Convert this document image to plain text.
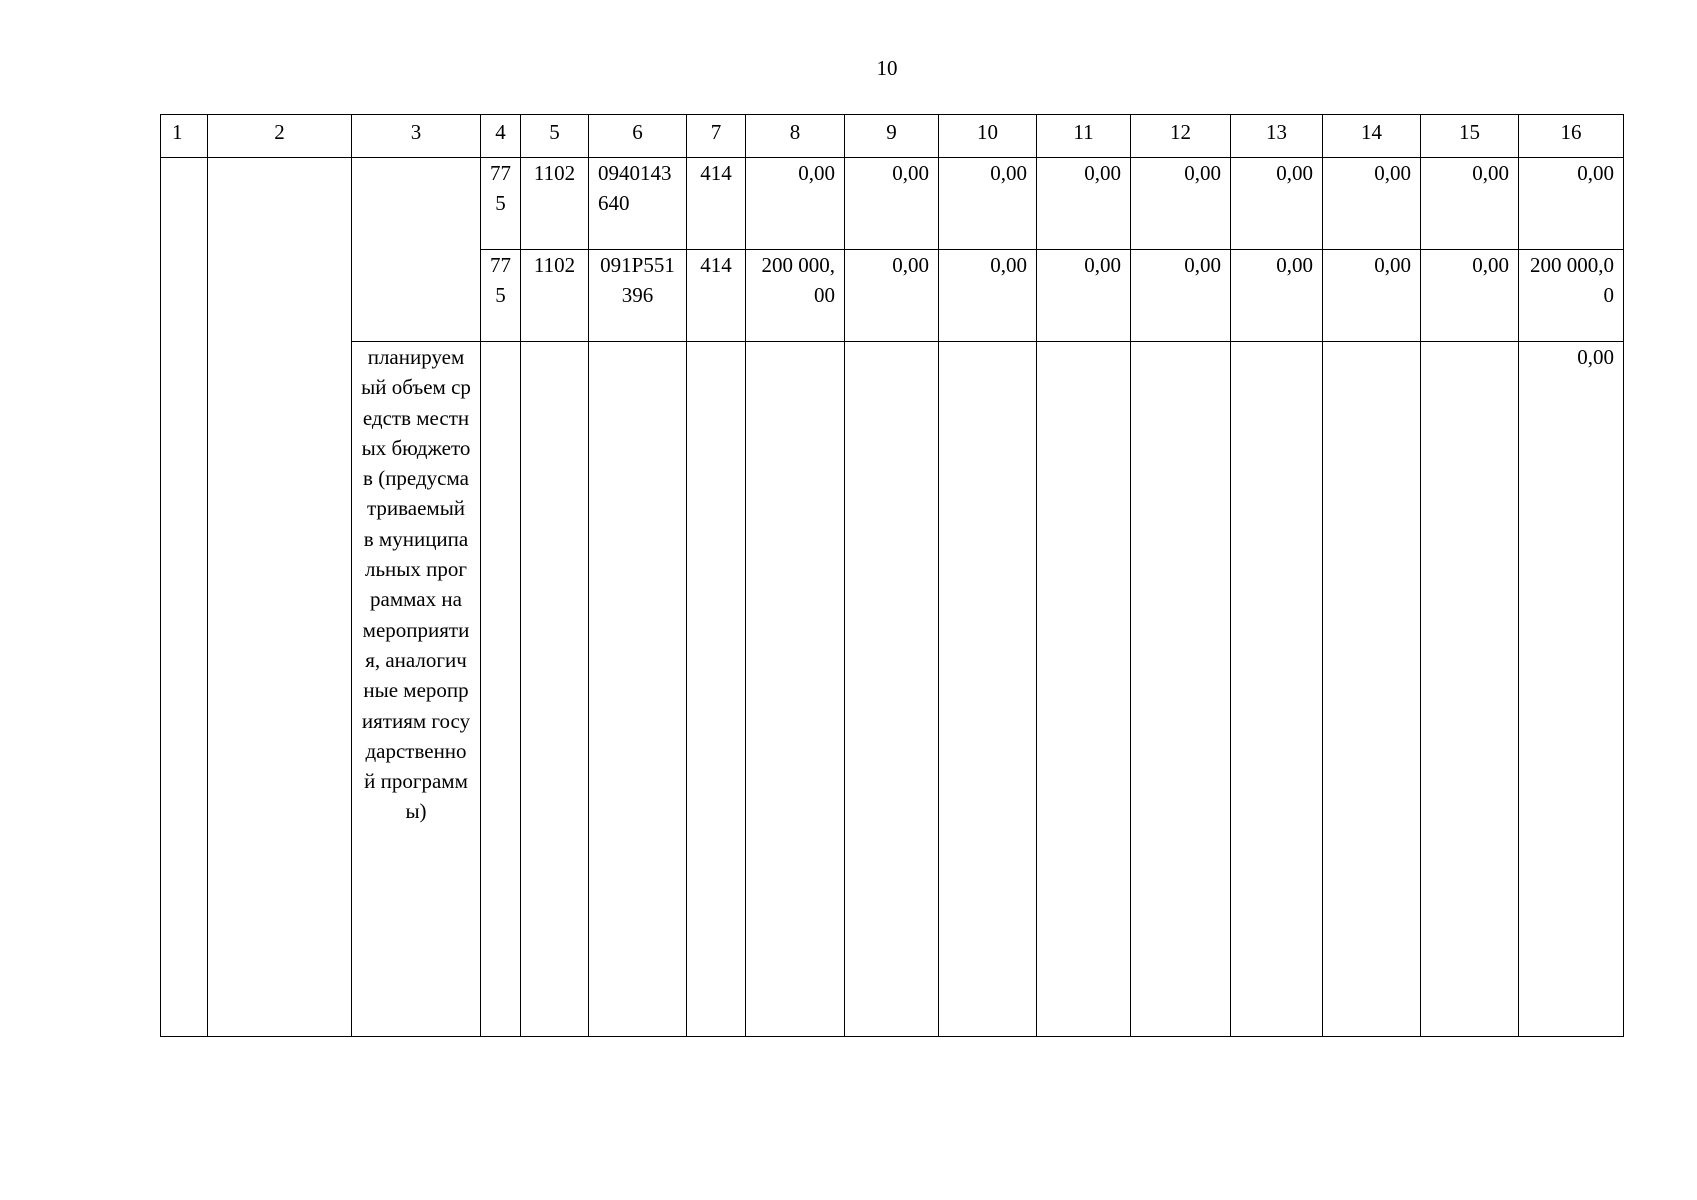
10
1	2	3	4	5	6	7	8	9	10	11	12	13	14	15	16
			775	1102	0940143640	414	0,00	0,00	0,00	0,00	0,00	0,00	0,00	0,00	0,00
			775	1102	091P551396	414	200 000,00	0,00	0,00	0,00	0,00	0,00	0,00	0,00	200 000,00
		планируемый объем средств местных бюджетов (предусматриваемый в муниципальных программах на мероприятия, аналогичные мероприятиям государственной программы)													0,00
